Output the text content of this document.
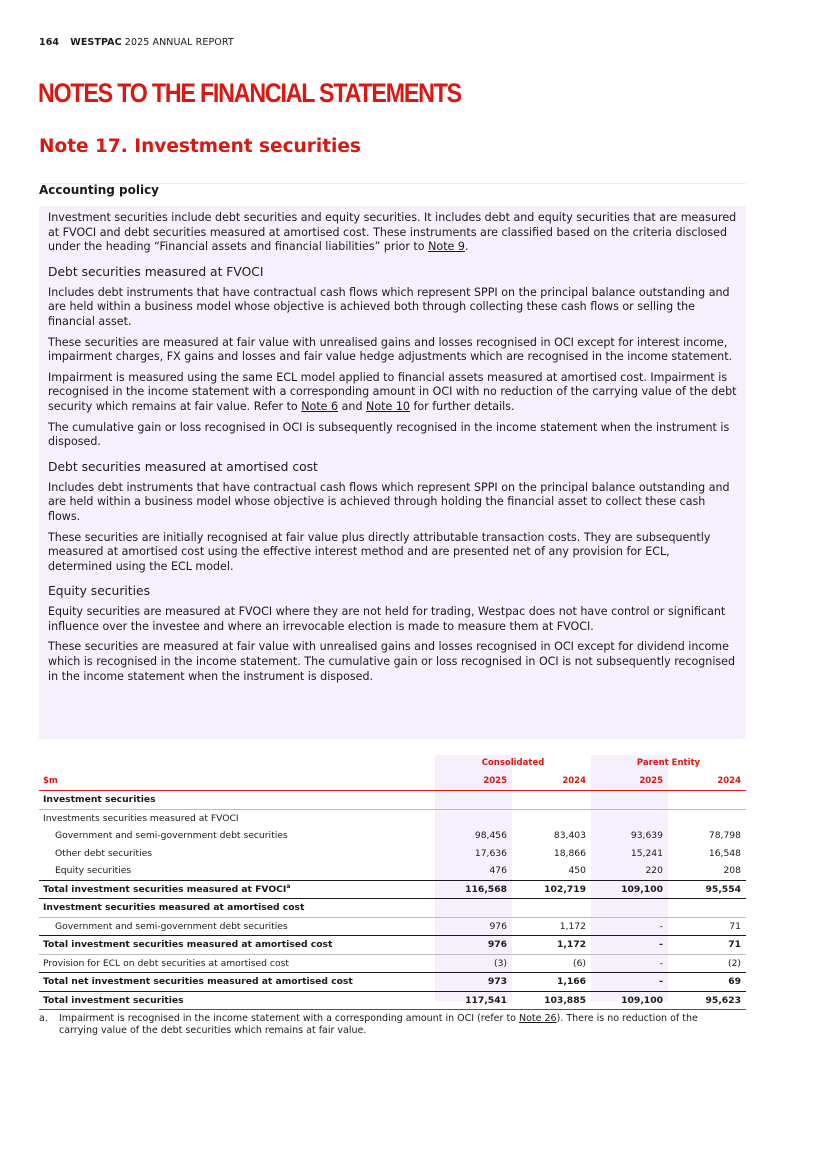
164 WESTPAC 2025 ANNUAL REPORT
NOTES TO THE FINANCIAL STATEMENTS
Note 17. Investment securities
Accounting policy

Investment securities include debt securities and equity securities. It includes debt and equity securities that are measured at FVOCI and debt securities measured at amortised cost. These instruments are classified based on the criteria disclosed under the heading “Financial assets and financial liabilities” prior to Note 9.

Debt securities measured at FVOCI

Includes debt instruments that have contractual cash flows which represent SPPI on the principal balance outstanding and are held within a business model whose objective is achieved both through collecting these cash flows or selling the financial asset.

These securities are measured at fair value with unrealised gains and losses recognised in OCI except for interest income, impairment charges, FX gains and losses and fair value hedge adjustments which are recognised in the income statement.

Impairment is measured using the same ECL model applied to financial assets measured at amortised cost. Impairment is recognised in the income statement with a corresponding amount in OCI with no reduction of the carrying value of the debt security which remains at fair value. Refer to Note 6 and Note 10 for further details.

The cumulative gain or loss recognised in OCI is subsequently recognised in the income statement when the instrument is disposed.

Debt securities measured at amortised cost

Includes debt instruments that have contractual cash flows which represent SPPI on the principal balance outstanding and are held within a business model whose objective is achieved through holding the financial asset to collect these cash flows.

These securities are initially recognised at fair value plus directly attributable transaction costs. They are subsequently measured at amortised cost using the effective interest method and are presented net of any provision for ECL, determined using the ECL model.

Equity securities

Equity securities are measured at FVOCI where they are not held for trading, Westpac does not have control or significant influence over the investee and where an irrevocable election is made to measure them at FVOCI.

These securities are measured at fair value with unrealised gains and losses recognised in OCI except for dividend income which is recognised in the income statement. The cumulative gain or loss recognised in OCI is not subsequently recognised in the income statement when the instrument is disposed.

	Consolidated		Parent Entity	
$m	2025	2024	2025	2024
Investment securities				
Investments securities measured at FVOCI				
Government and semi-government debt securities	98,456	83,403	93,639	78,798
Other debt securities	17,636	18,866	15,241	16,548
Equity securities	476	450	220	208
Total investment securities measured at FVOCI$^a$	116,568	102,719	109,100	95,554
Investment securities measured at amortised cost				
Government and semi-government debt securities	976	1,172	-	71
Total investment securities measured at amortised cost	976	1,172	-	71
Provision for ECL on debt securities at amortised cost	(3)	(6)	-	(2)
Total net investment securities measured at amortised cost	973	1,166	-	69
Total investment securities	117,541	103,885	109,100	95,623
a. Impairment is recognised in the income statement with a corresponding amount in OCI (refer to Note 26). There is no reduction of the carrying value of the debt securities which remains at fair value.
